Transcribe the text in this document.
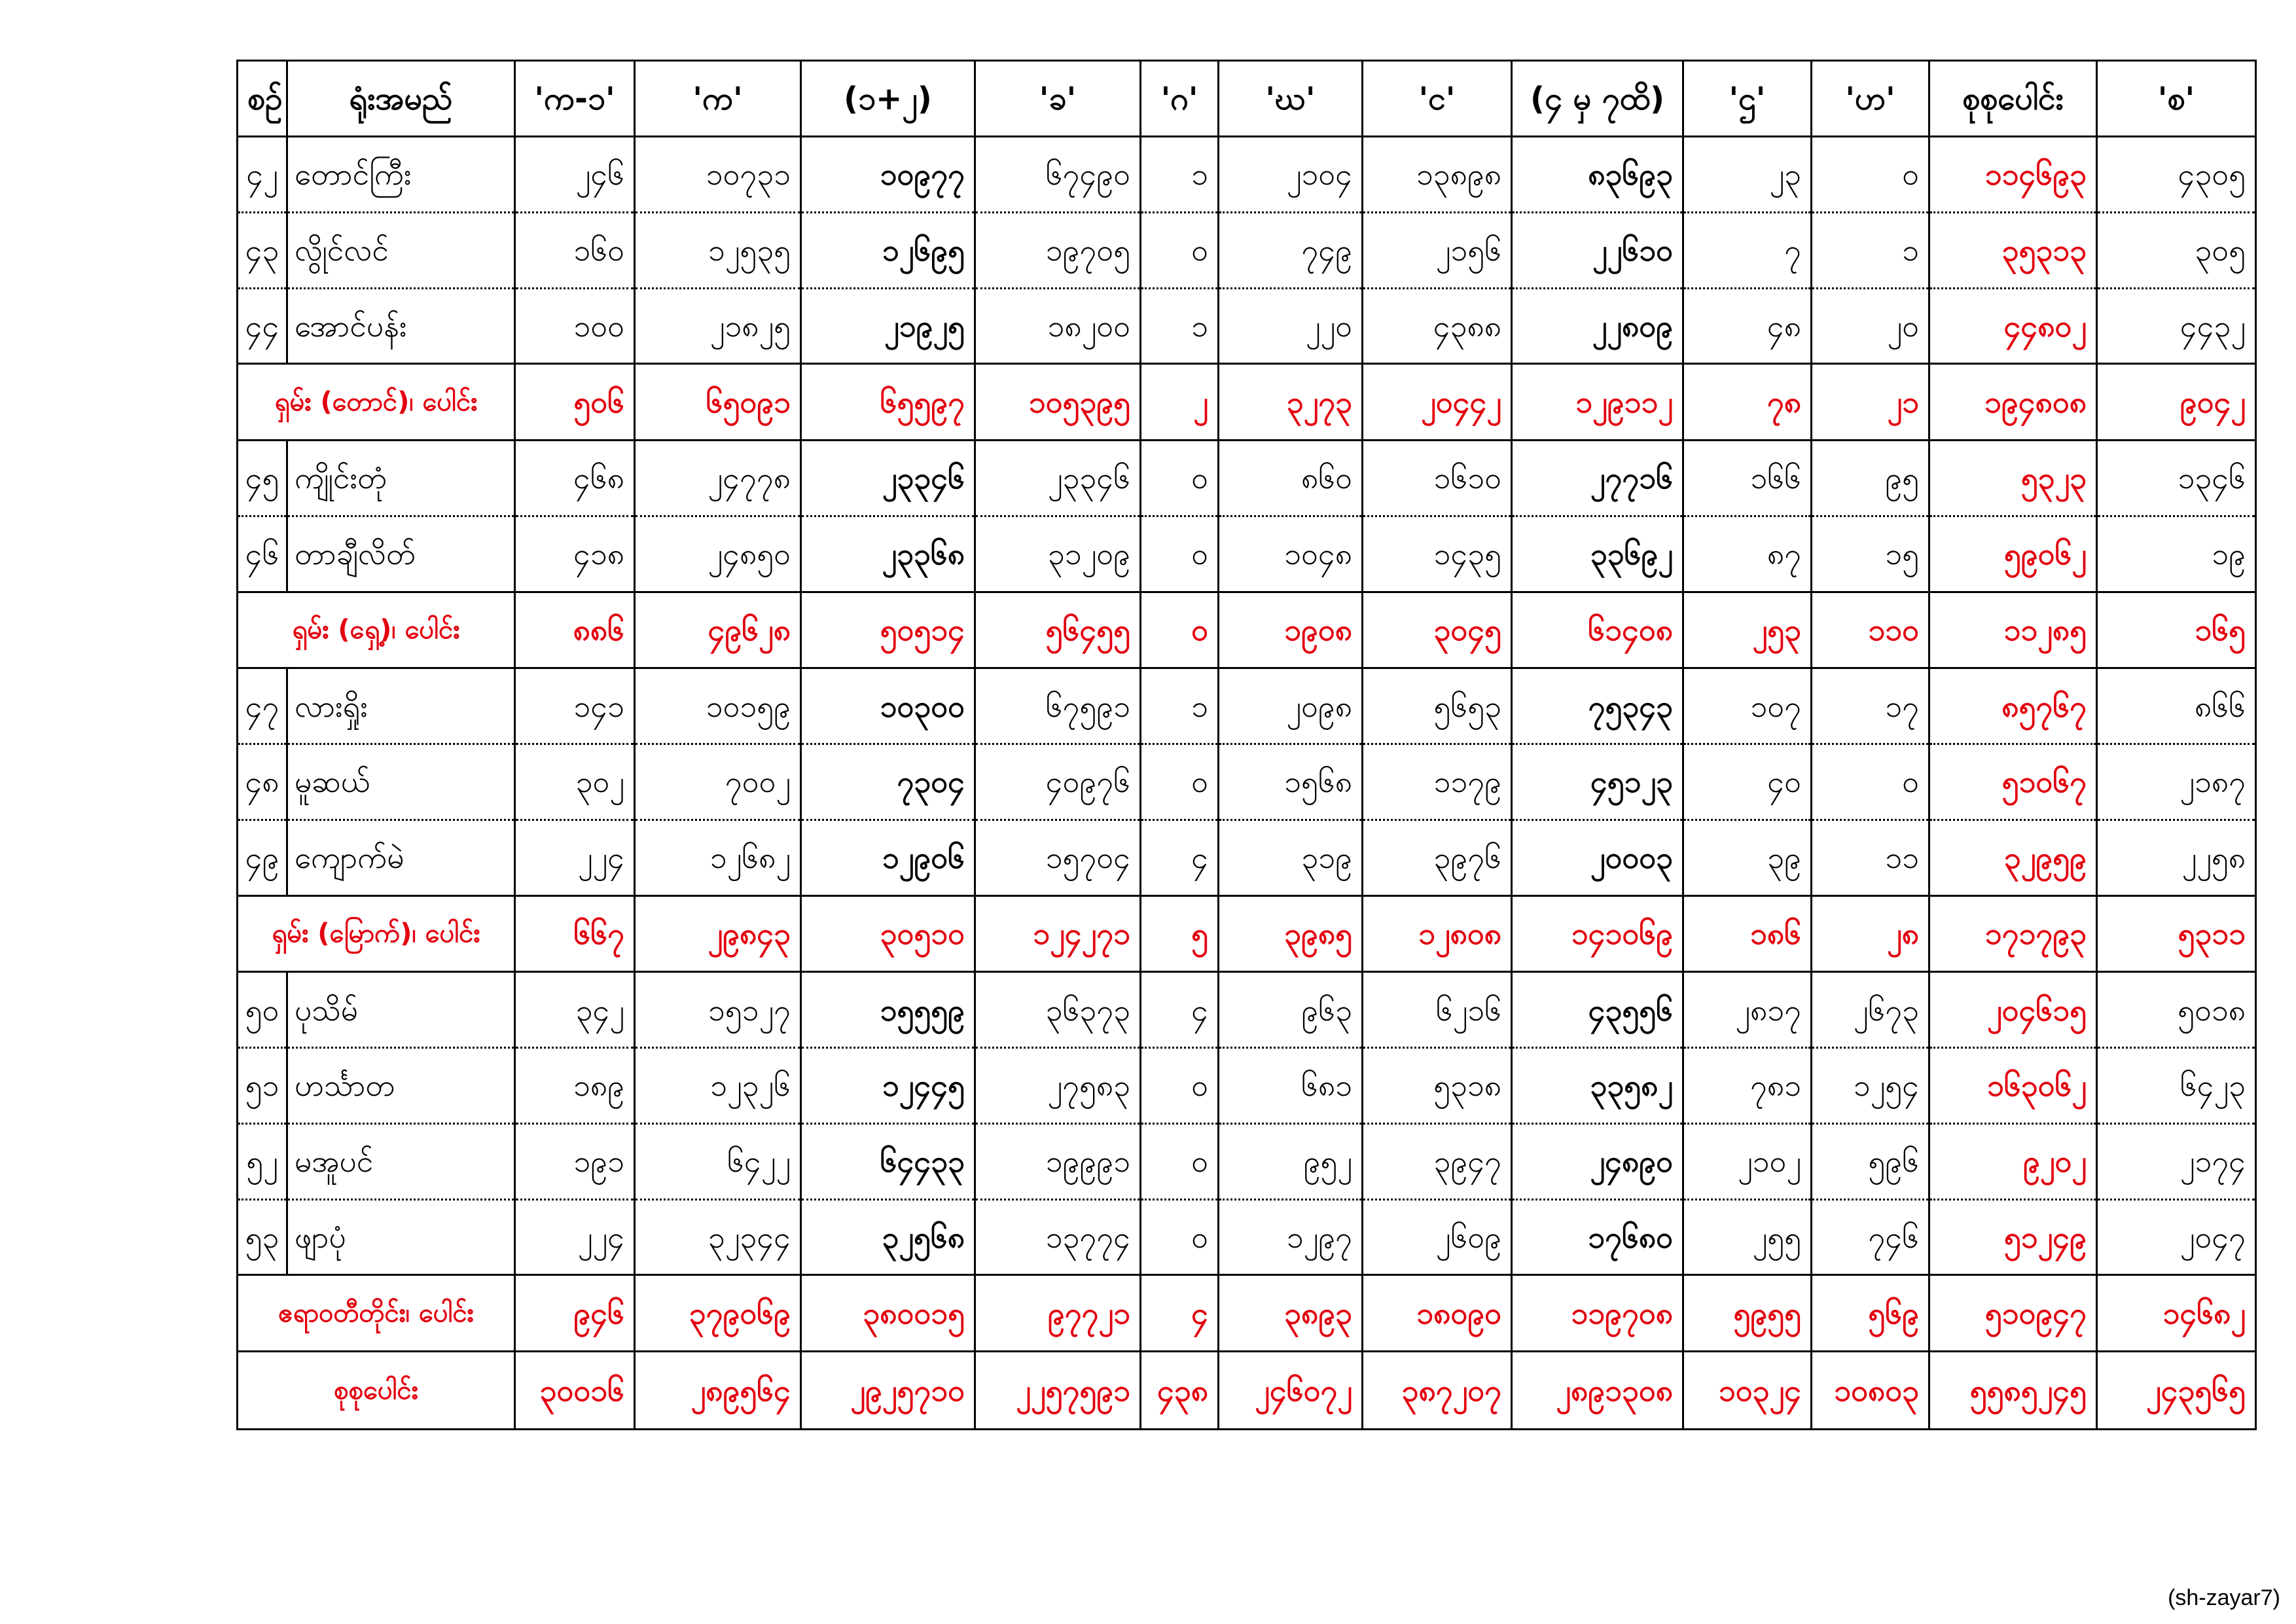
စဉ်	ရုံးအမည်	'က-၁'	'က'	(၁+၂)	'ခ'	'ဂ'	'ဃ'	'င'	(၄ မှ ၇ထိ)	'ဌ'	'ဟ'	စုစုပေါင်း	'စ'
၄၂	တောင်ကြီး	၂၄၆	၁၀၇၃၁	၁၀၉၇၇	၆၇၄၉၀	၁	၂၁၀၄	၁၃၈၉၈	၈၃၆၉၃	၂၃	၀	၁၁၄၆၉၃	၄၃၀၅
၄၃	လွိုင်လင်	၁၆၀	၁၂၅၃၅	၁၂၆၉၅	၁၉၇၀၅	၀	၇၄၉	၂၁၅၆	၂၂၆၁၀	၇	၁	၃၅၃၁၃	၃၀၅
၄၄	အောင်ပန်း	၁၀၀	၂၁၈၂၅	၂၁၉၂၅	၁၈၂၀၀	၁	၂၂၀	၄၃၈၈	၂၂၈၀၉	၄၈	၂၀	၄၄၈၀၂	၄၄၃၂
ရှမ်း (တောင်)၊ ပေါင်း		၅၀၆	၆၅၀၉၁	၆၅၅၉၇	၁၀၅၃၉၅	၂	၃၂၇၃	၂၀၄၄၂	၁၂၉၁၁၂	၇၈	၂၁	၁၉၄၈၀၈	၉၀၄၂
၄၅	ကျိုင်းတုံ	၄၆၈	၂၄၇၇၈	၂၃၃၄၆	၂၃၃၄၆	၀	၈၆၀	၁၆၁၀	၂၇၇၁၆	၁၆၆	၉၅	၅၃၂၃	၁၃၄၆
၄၆	တာချီလိတ်	၄၁၈	၂၄၈၅၀	၂၃၃၆၈	၃၁၂၀၉	၀	၁၀၄၈	၁၄၃၅	၃၃၆၉၂	၈၇	၁၅	၅၉၀၆၂	၁၉
ရှမ်း (ရှေ့)၊ ပေါင်း		၈၈၆	၄၉၆၂၈	၅၀၅၁၄	၅၆၄၅၅	၀	၁၉၀၈	၃၀၄၅	၆၁၄၀၈	၂၅၃	၁၁၀	၁၁၂၈၅	၁၆၅
၄၇	လားရှိုး	၁၄၁	၁၀၁၅၉	၁၀၃၀၀	၆၇၅၉၁	၁	၂၀၉၈	၅၆၅၃	၇၅၃၄၃	၁၀၇	၁၇	၈၅၇၆၇	၈၆၆
၄၈	မူဆယ်	၃၀၂	၇၀၀၂	၇၃၀၄	၄၀၉၇၆	၀	၁၅၆၈	၁၁၇၉	၄၅၁၂၃	၄၀	၀	၅၁၀၆၇	၂၁၈၇
၄၉	ကျောက်မဲ	၂၂၄	၁၂၆၈၂	၁၂၉၀၆	၁၅၇၀၄	၄	၃၁၉	၃၉၇၆	၂၀၀၀၃	၃၉	၁၁	၃၂၉၅၉	၂၂၅၈
ရှမ်း (မြောက်)၊ ပေါင်း		၆၆၇	၂၉၈၄၃	၃၀၅၁၀	၁၂၄၂၇၁	၅	၃၉၈၅	၁၂၈၀၈	၁၄၁၀၆၉	၁၈၆	၂၈	၁၇၁၇၉၃	၅၃၁၁
၅၀	ပုသိမ်	၃၄၂	၁၅၁၂၇	၁၅၅၅၉	၃၆၃၇၃	၄	၉၆၃	၆၂၁၆	၄၃၅၅၆	၂၈၁၇	၂၆၇၃	၂၀၄၆၁၅	၅၀၁၈
၅၁	ဟင်္သာတ	၁၈၉	၁၂၃၂၆	၁၂၄၄၅	၂၇၅၈၃	၀	၆၈၁	၅၃၁၈	၃၃၅၈၂	၇၈၁	၁၂၅၄	၁၆၃၀၆၂	၆၄၂၃
၅၂	မအူပင်	၁၉၁	၆၄၂၂	၆၄၄၃၃	၁၉၉၉၁	၀	၉၅၂	၃၉၄၇	၂၄၈၉၀	၂၁၀၂	၅၉၆	၉၂၀၂	၂၁၇၄
၅၃	ဖျာပုံ	၂၂၄	၃၂၃၄၄	၃၂၅၆၈	၁၃၇၇၄	၀	၁၂၉၇	၂၆၀၉	၁၇၆၈၀	၂၅၅	၇၄၆	၅၁၂၄၉	၂၀၄၇
ဧရာဝတီတိုင်း၊ ပေါင်း		၉၄၆	၃၇၉၀၆၉	၃၈၀၀၁၅	၉၇၇၂၁	၄	၃၈၉၃	၁၈၀၉၀	၁၁၉၇၀၈	၅၉၅၅	၅၆၉	၅၁၀၉၄၇	၁၄၆၈၂
စုစုပေါင်း		၃၀၀၁၆	၂၈၉၅၆၄	၂၉၂၅၇၁၀	၂၂၅၇၅၉၁	၄၃၈	၂၄၆၀၇၂	၃၈၇၂၀၇	၂၈၉၁၃၀၈	၁၀၃၂၄	၁၀၈၀၃	၅၅၈၅၂၄၅	၂၄၃၅၆၅
(sh-zayar7)
